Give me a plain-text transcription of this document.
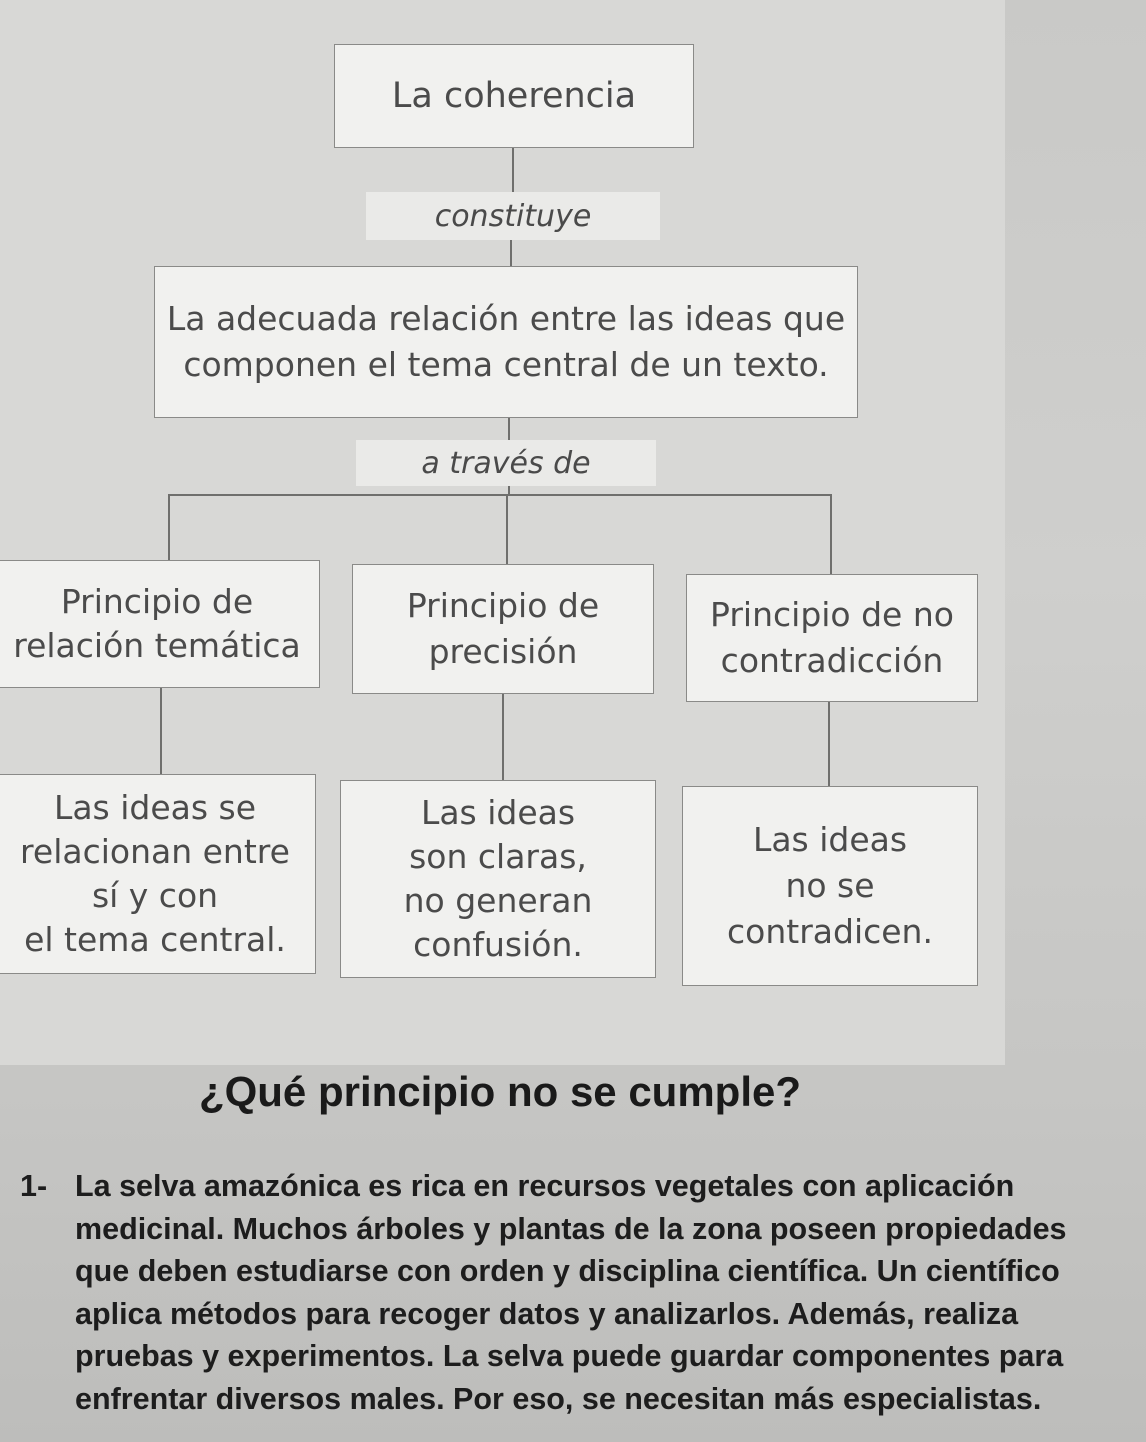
La coherencia
constituye
La adecuada relación entre las ideas que
componen el tema central de un texto.
a través de
Principio de
relación temática
Principio de
precisión
Principio de no
contradicción
Las ideas se
relacionan entre
sí y con
el tema central.
Las ideas
son claras,
no generan
confusión.
Las ideas
no se
contradicen.
¿Qué principio no se cumple?
1- La selva amazónica es rica en recursos vegetales con aplicación
medicinal. Muchos árboles y plantas de la zona poseen propiedades
que deben estudiarse con orden y disciplina científica. Un científico
aplica métodos para recoger datos y analizarlos. Además, realiza
pruebas y experimentos. La selva puede guardar componentes para
enfrentar diversos males. Por eso, se necesitan más especialistas.
